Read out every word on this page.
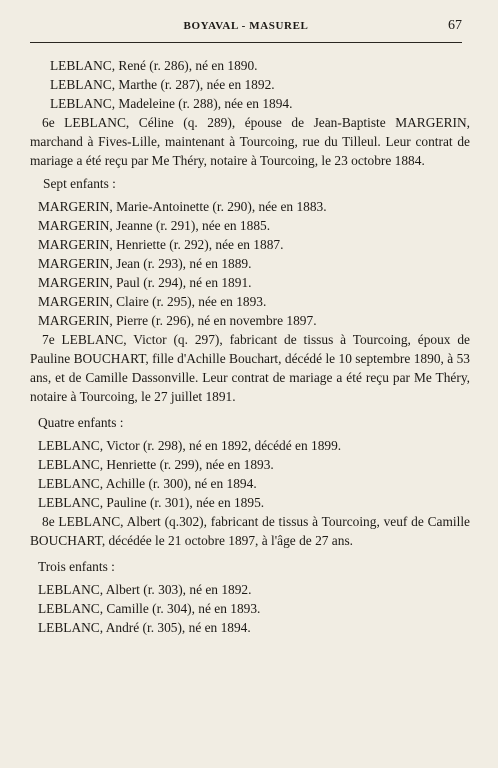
BOYAVAL - MASUREL	67
LEBLANC, René (r. 286), né en 1890.
LEBLANC, Marthe (r. 287), née en 1892.
LEBLANC, Madeleine (r. 288), née en 1894.
6e LEBLANC, Céline (q. 289), épouse de Jean-Baptiste MARGERIN, marchand à Fives-Lille, maintenant à Tourcoing, rue du Tilleul. Leur contrat de mariage a été reçu par Me Théry, notaire à Tourcoing, le 23 octobre 1884.
Sept enfants :
MARGERIN, Marie-Antoinette (r. 290), née en 1883.
MARGERIN, Jeanne (r. 291), née en 1885.
MARGERIN, Henriette (r. 292), née en 1887.
MARGERIN, Jean (r. 293), né en 1889.
MARGERIN, Paul (r. 294), né en 1891.
MARGERIN, Claire (r. 295), née en 1893.
MARGERIN, Pierre (r. 296), né en novembre 1897.
7e LEBLANC, Victor (q. 297), fabricant de tissus à Tourcoing, époux de Pauline BOUCHART, fille d'Achille Bouchart, décédé le 10 septembre 1890, à 53 ans, et de Camille Dassonville. Leur contrat de mariage a été reçu par Me Théry, notaire à Tourcoing, le 27 juillet 1891.
Quatre enfants :
LEBLANC, Victor (r. 298), né en 1892, décédé en 1899.
LEBLANC, Henriette (r. 299), née en 1893.
LEBLANC, Achille (r. 300), né en 1894.
LEBLANC, Pauline (r. 301), née en 1895.
8e LEBLANC, Albert (q.302), fabricant de tissus à Tourcoing, veuf de Camille BOUCHART, décédée le 21 octobre 1897, à l'âge de 27 ans.
Trois enfants :
LEBLANC, Albert (r. 303), né en 1892.
LEBLANC, Camille (r. 304), né en 1893.
LEBLANC, André (r. 305), né en 1894.
